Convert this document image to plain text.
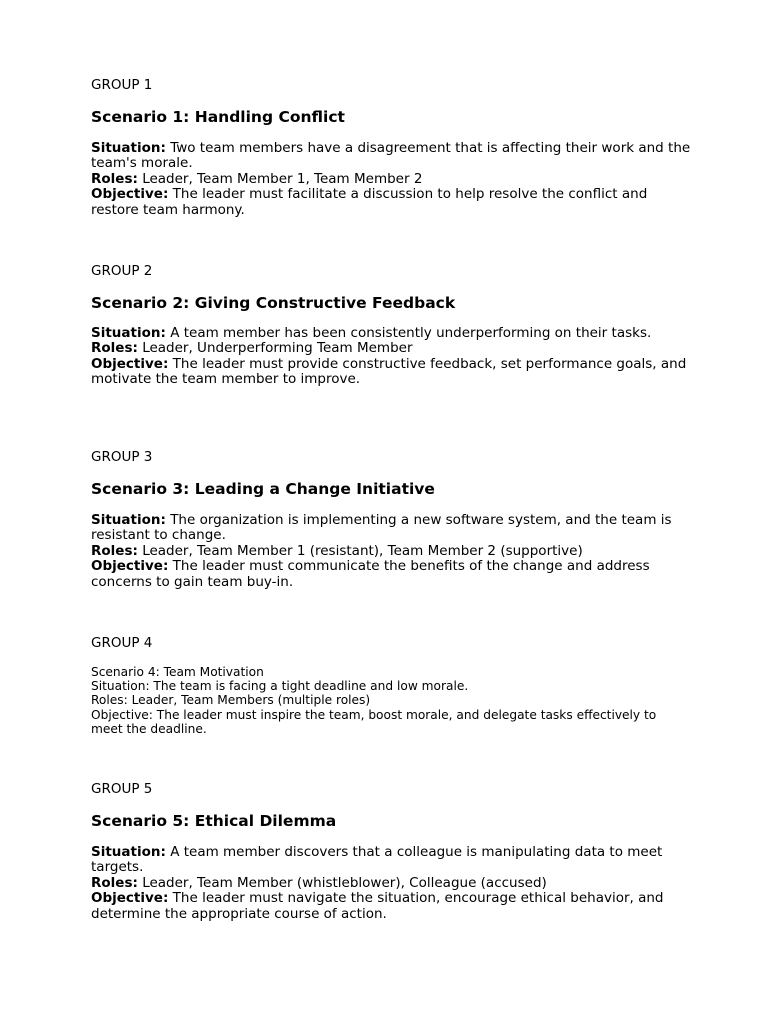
GROUP 1
Scenario 1: Handling Conflict

Situation: Two team members have a disagreement that is affecting their work and the team's morale.

Roles: Leader, Team Member 1, Team Member 2

Objective: The leader must facilitate a discussion to help resolve the conflict and restore team harmony.

GROUP 2
Scenario 2: Giving Constructive Feedback

Situation: A team member has been consistently underperforming on their tasks.

Roles: Leader, Underperforming Team Member

Objective: The leader must provide constructive feedback, set performance goals, and motivate the team member to improve.

GROUP 3
Scenario 3: Leading a Change Initiative

Situation: The organization is implementing a new software system, and the team is resistant to change.

Roles: Leader, Team Member 1 (resistant), Team Member 2 (supportive)

Objective: The leader must communicate the benefits of the change and address concerns to gain team buy-in.

GROUP 4

Scenario 4: Team Motivation

Situation: The team is facing a tight deadline and low morale.

Roles: Leader, Team Members (multiple roles)

Objective: The leader must inspire the team, boost morale, and delegate tasks effectively to meet the deadline.

GROUP 5
Scenario 5: Ethical Dilemma

Situation: A team member discovers that a colleague is manipulating data to meet targets.

Roles: Leader, Team Member (whistleblower), Colleague (accused)

Objective: The leader must navigate the situation, encourage ethical behavior, and determine the appropriate course of action.
